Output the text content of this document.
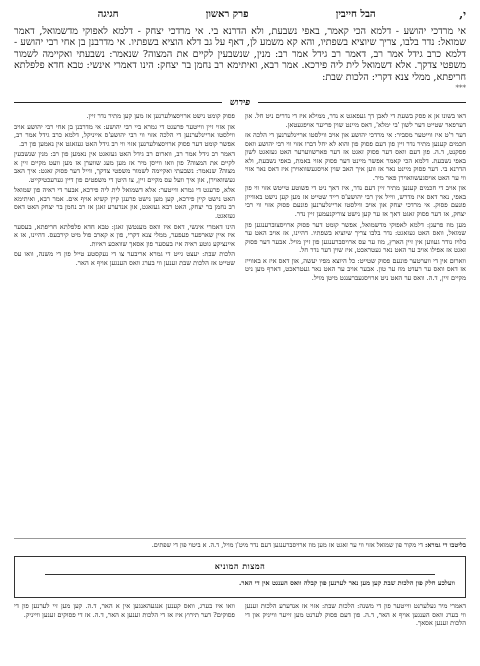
י,
הבל חייבין
פרק ראשון
חגיגה
אי מרדכי יהושע - דלמא הכי קאמר, באפי נשבעת, ולא הדרנא בי. אי מרדכי יצחק - דלמא לאפוקי מדשמואל, דאמר שמואל: נדר בלבו, צריך שיוציא בשפתיו, והא קא משמע לן, דאף על גב דלא הוציא בשפתיו. אי מדרבנן בן אחי רבי יהושע - דלמא כרב גידל אמר רב, דאמר רב גידל אמר רב: מנין, שנשבעין לקיים את המצוה? שנאמר: נשבעתי ואקיימה לשמור משפטי צדקך. אלא דשמואל לית ליה פירכא. אמר רבא, ואיתימא רב נחמן בר יצחק: הינו דאמרי אינשי: טבא חדא פלפלתא חריפתא, ממלי צנא דקרי: הלכות שבת:
***
פירוש

דאו בשונו אן א פסק בשעת די לאבן דך געפאגט א נדר, ממילא איז די נדרים ניט חל. און דערפאר שטייט דער לשון 'בי ימלא', דאס מיינט שוין פריער אויפגעטאן.

דער ר'ט איז ווייטער מסביר: אי מרדכי יהושע און אויב ווילסטו אריינלערנען די הלכה אז חכמים קענען מתיר נדר זיין פון דעם פסוק פון והוא לא יחל דברו אזוי ווי רבי יהושע וואס פסקנט, ד.ה. פון דעם וואס דער פסוק זאגט אז דער פארשווערער האט געזאגט לשון באפי נשבעת. דלמא הכי קאמר אפשר מיינט דער פסוק אזוי באמת, באפי נשבעת, ולא הדרנא בי. דער פסוק מיינט נאר אז ווען איך האב שוין אויסגעשוואוירן איז דאס נאר אזוי ווי ער האט אויסגעשוואוירן פאר מיר.

און אויב די חכמים קענען מתיר זיין דעם נדר, איז דאך ניט די פשוטע טייטש אזוי ווי פון באפי, נאר דאס איז מדרש, ווייל אין רבי יהושע'ס רייד שטייט אז מען קען נישט באווייזן פונעם פסוק. אי מרדכי יצחק און אויב ווילסטו אריינלערנען פונעם פסוק אזוי ווי רבי יצחק, אז דער פסוק זאגט דאך אז ער קען נישט צוריקנעמען זיין נדר.

מען מוז פרעגן: דלמא לאפוקי מדשמואל, אפשר קומט דער פסוק ארויסצוברענגען פון שמואל, וואס האט געזאגט: נדר בלבו צריך שיוציא בשפתיו. דהיינו, אז אויב האט ער בלויז נודר געווען אין זיין הארץ, מוז ער עס ארויסברענגען פון זיין מויל. אבער דער פסוק זאגט אז אפילו אויב ער האט נאר געטראכט, איז שוין דער נדר חל.

ווארום אין די ווערטער פונעם פסוק שטייט: כל היוצא מפיו יעשה, און דאס איז א באווייז אז דאס וואס ער רעדט מוז ער טון. אבער אויב ער האט נאר געטראכט, דארף מען ניט מקיים זיין, ד.ה. וואס ער האט ניט ארויסגעברענגט מיטן מויל.

פסוק קומט נישט ארויסצולערנען אז מען קען מתיר נדר זיין.

און אזוי זיין ווייטער פרעגט די גמרא ביי רבי יהושע: אי מדרבנן בן אחי רבי יהושע אויב ווילסטו אריינלערנען די הלכה אזוי ווי רבי יהושע'ס אייניקל, דלמא כרב גידל אמר רב, אפשר קומט דער פסוק ארויסצולערנען אזוי ווי רב גידל האט געזאגט אין נאמען פון רב.

דאמר רב גידל אמר רב, ווארום רב גידל האט געזאגט אין נאמען פון רב: מנין שנשבעין לקיים את המצוה? פון וואו ווייסן מיר אז מען מעג שווערן אז מען וועט מקיים זיין א מצוה? שנאמר: נשבעתי ואקיימה לשמור משפטי צדקך, ווייל דער פסוק זאגט: איך האב געשוואוירן, און איך וועל עס מקיים זיין, צו היטן די משפטים פון דיין גערעכטיקייט.

אלא, פרעגט די גמרא ווייטער: אלא דשמואל לית ליה פירכא, אבער די ראיה פון שמואל האט נישט קיין פירכא, קען מען נישט פרעגן קיין קשיא אויף אים. אמר רבא, ואיתימא רב נחמן בר יצחק, האט רבא געזאגט, און אנדערע זאגן אז רב נחמן בר יצחק האט דאס געזאגט.

הינו דאמרי אינשי, דאס איז וואס מענטשן זאגן: טבא חדא פלפלתא חריפתא, בעסער איז איין שארפער פעפער, ממלי צנא דקרי, פון א קארב פול מיט קירבעס. דהיינו, אז א איינציקע גוטע ראיה איז בעסער פון אסאך שוואכע ראיות.

הלכות שבת: יעצט גייט די גמרא אריבער צו די נעקסטע טייל פון די משנה, וואו עס שטייט אז הלכות שבת זענען ווי בערג וואס הענגען אויף א האר.

בליטבו די גמרא: די מקור פון שמואל אזוי ווי ער זאגט אז מען מוז ארויסברענגען דעם נדר מיט'ן מויל, ד.ה. א ביטוי פון די שפתים.
המצות המוניא
וועלכע חלק פון הלכות שבת קען מען נאר לערנען פון קבלה וואס הענגט אין די האר.
דאמרי מיר געלערנט ווייטער פון די משנה: הלכות שבת: אזוי אז אנדערע הלכות זענען ווי בערג וואס הענגען אויף א האר, ד.ה. פון דעם פסוק לערנט מען זייער ווייניק און די הלכות זענען אסאך.
וואו איז בערג, וואס קענען אנגעהאנגען אין א האר, ד.ה. קען מען זיי לערנען פון די פסוקים? דער תירוץ איז אז די הלכות זענען א האר, ד.ה. אז די פסוקים זענען ווייניק.
